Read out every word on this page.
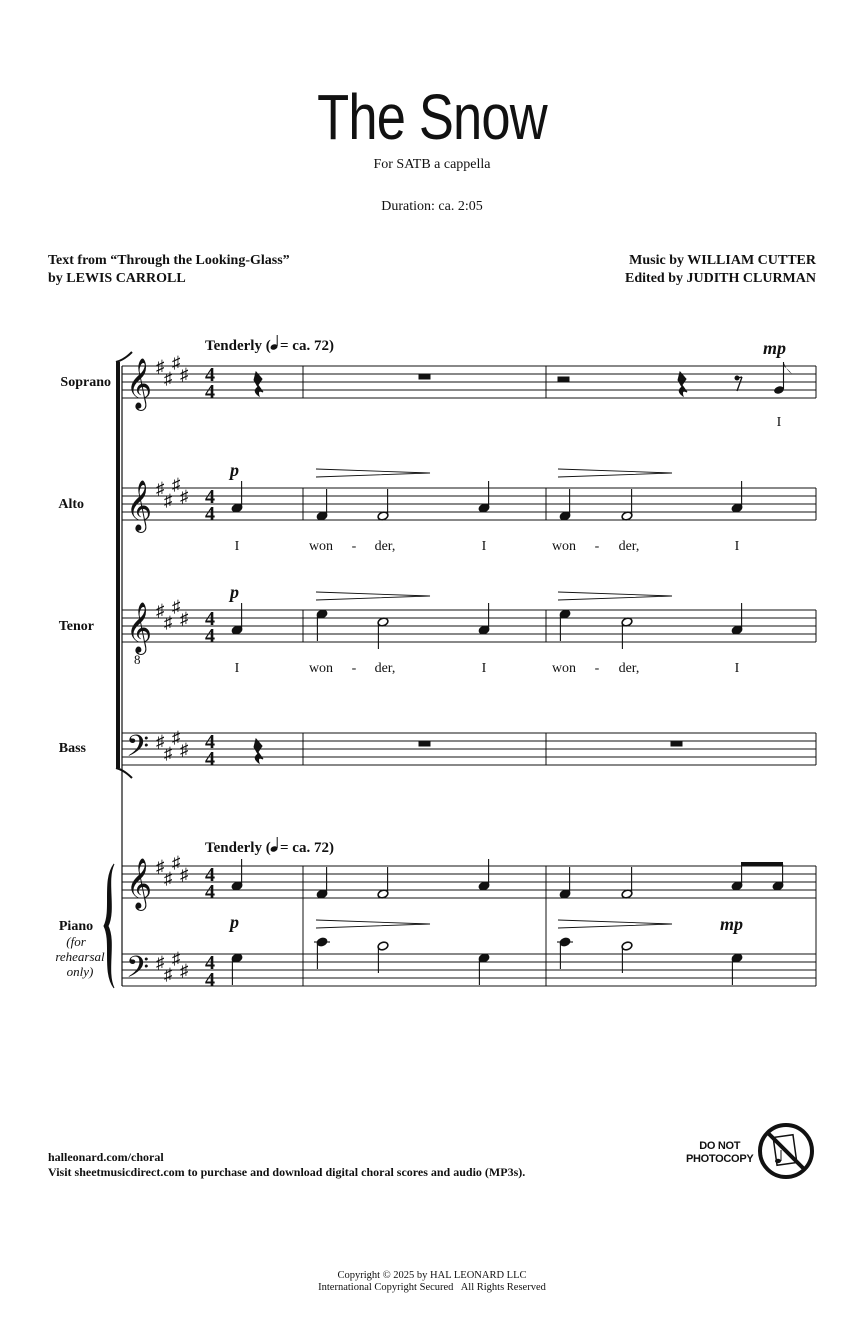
The Snow
For SATB a cappella
Duration: ca. 2:05
Text from “Through the Looking-Glass”
by LEWIS CARROLL
Music by WILLIAM CUTTER
Edited by JUDITH CLURMAN
𝄞
𝄞
𝄞
𝄞
𝄢
𝄢
♯
♯
♯
♯
♯
♯
♯
♯
♯
♯
♯
♯
♯
♯
♯
♯
♯
♯
♯
♯
♯
♯
♯
♯
4
4
4
4
4
4
4
4
4
4
4
4
8
Soprano
Alto
Tenor
Bass
Piano
(for
rehearsal
only)
Tenderly ( = ca. 72)
Tenderly ( = ca. 72)
mp
p
p
p	mp
I
I	won - der,	I	won - der,	I
I	won - der,	I	won - der,	I
DO NOT
PHOTOCOPY
halleonard.com/choral
Visit sheetmusicdirect.com to purchase and download digital choral scores and audio (MP3s).
Copyright © 2025 by HAL LEONARD LLC
International Copyright Secured   All Rights Reserved
